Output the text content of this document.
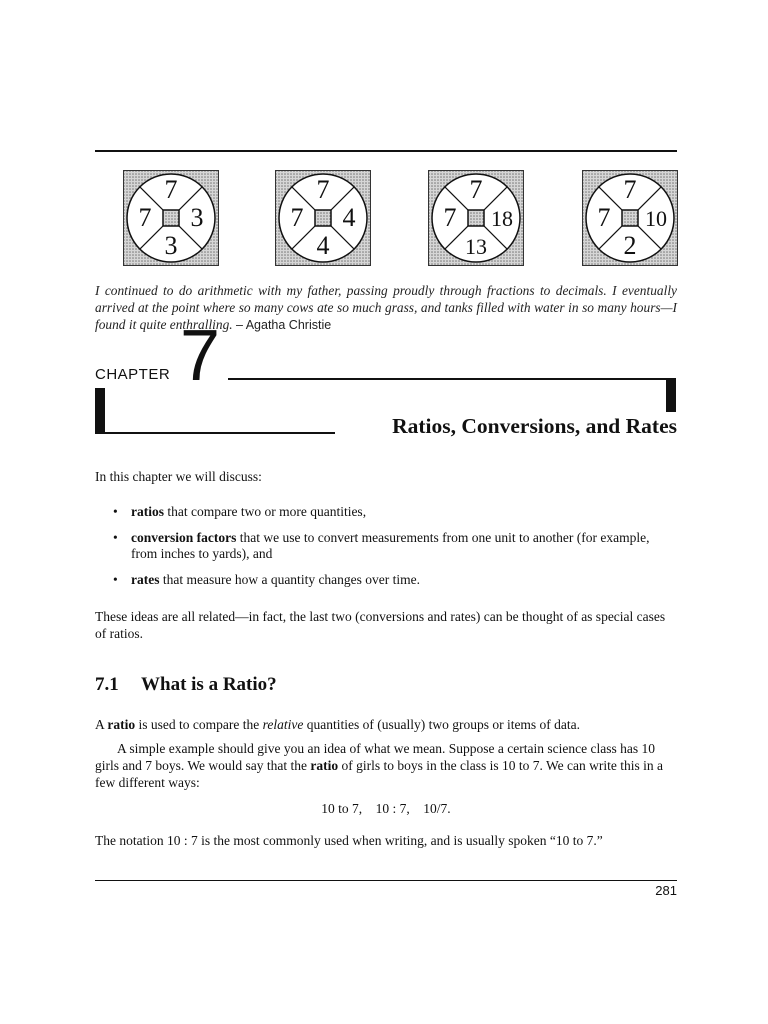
7
7 3
3
7
7 4
4
7
7 18
13
7
7 10
2
I continued to do arithmetic with my father, passing proudly through fractions to decimals. I eventually arrived at the point where so many cows ate so much grass, and tanks filled with water in so many hours—I found it quite enthralling. – Agatha Christie
CHAPTER 7
Ratios, Conversions, and Rates
In this chapter we will discuss:
• ratios that compare two or more quantities,
• conversion factors that we use to convert measurements from one unit to another (for example, from inches to yards), and
• rates that measure how a quantity changes over time.
These ideas are all related—in fact, the last two (conversions and rates) can be thought of as special cases of ratios.
7.1 What is a Ratio?
A ratio is used to compare the relative quantities of (usually) two groups or items of data.
A simple example should give you an idea of what we mean. Suppose a certain science class has 10 girls and 7 boys. We would say that the ratio of girls to boys in the class is 10 to 7. We can write this in a few different ways:
10 to 7,    10 : 7,    10/7.
The notation 10 : 7 is the most commonly used when writing, and is usually spoken “10 to 7.”
281
